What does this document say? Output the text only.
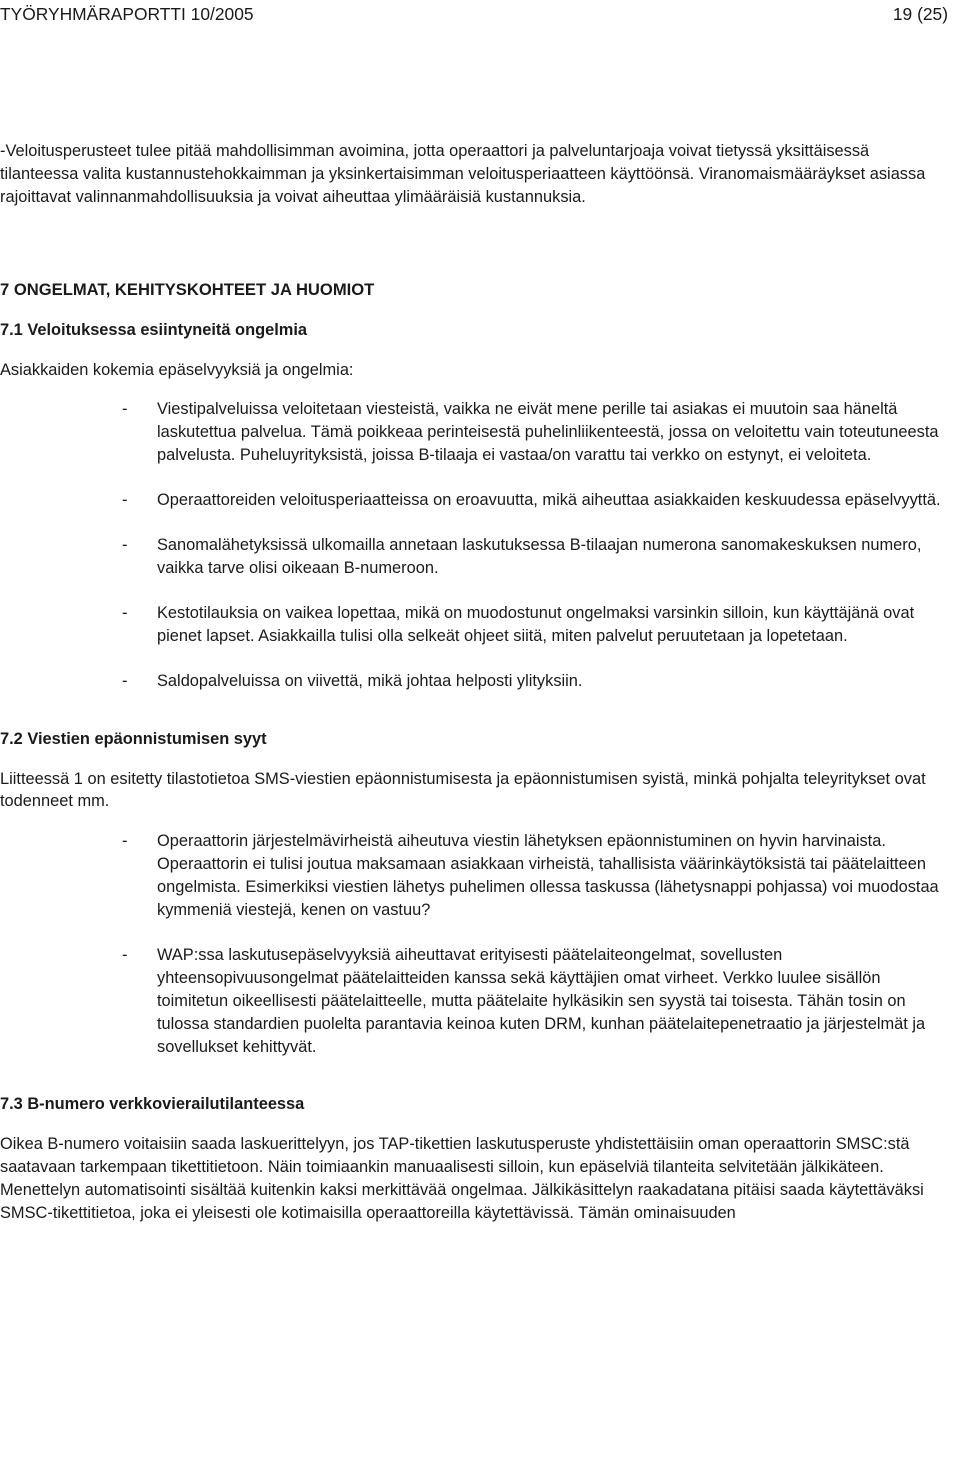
TYÖRYHMÄRAPORTTI 10/2005	19 (25)

-Veloitusperusteet tulee pitää mahdollisimman avoimina, jotta operaattori ja palveluntarjoaja voivat tietyssä yksittäisessä tilanteessa valita kustannustehokkaimman ja yksinkertaisimman veloitusperiaatteen käyttöönsä. Viranomaismääräykset asiassa rajoittavat valinnanmahdollisuuksia ja voivat aiheuttaa ylimääräisiä kustannuksia.

7 ONGELMAT, KEHITYSKOHTEET JA HUOMIOT
7.1 Veloituksessa esiintyneitä ongelmia

Asiakkaiden kokemia epäselvyyksiä ja ongelmia:

- Viestipalveluissa veloitetaan viesteistä, vaikka ne eivät mene perille tai asiakas ei muutoin saa häneltä laskutettua palvelua. Tämä poikkeaa perinteisestä puhelinliikenteestä, jossa on veloitettu vain toteutuneesta palvelusta. Puheluyrityksistä, joissa B-tilaaja ei vastaa/on varattu tai verkko on estynyt, ei veloiteta.
- Operaattoreiden veloitusperiaatteissa on eroavuutta, mikä aiheuttaa asiakkaiden keskuudessa epäselvyyttä.
- Sanomalähetyksissä ulkomailla annetaan laskutuksessa B-tilaajan numerona sanomakeskuksen numero, vaikka tarve olisi oikeaan B-numeroon.
- Kestotilauksia on vaikea lopettaa, mikä on muodostunut ongelmaksi varsinkin silloin, kun käyttäjänä ovat pienet lapset. Asiakkailla tulisi olla selkeät ohjeet siitä, miten palvelut peruutetaan ja lopetetaan.
- Saldopalveluissa on viivettä, mikä johtaa helposti ylityksiin.
7.2 Viestien epäonnistumisen syyt

Liitteessä 1 on esitetty tilastotietoa SMS-viestien epäonnistumisesta ja epäonnistumisen syistä, minkä pohjalta teleyritykset ovat todenneet mm.

- Operaattorin järjestelmävirheistä aiheutuva viestin lähetyksen epäonnistuminen on hyvin harvinaista. Operaattorin ei tulisi joutua maksamaan asiakkaan virheistä, tahallisista väärinkäytöksistä tai päätelaitteen ongelmista. Esimerkiksi viestien lähetys puhelimen ollessa taskussa (lähetysnappi pohjassa) voi muodostaa kymmeniä viestejä, kenen on vastuu?
- WAP:ssa laskutusepäselvyyksiä aiheuttavat erityisesti päätelaiteongelmat, sovellusten yhteensopivuusongelmat päätelaitteiden kanssa sekä käyttäjien omat virheet. Verkko luulee sisällön toimitetun oikeellisesti päätelaitteelle, mutta päätelaite hylkäsikin sen syystä tai toisesta. Tähän tosin on tulossa standardien puolelta parantavia keinoa kuten DRM, kunhan päätelaitepenetraatio ja järjestelmät ja sovellukset kehittyvät.
7.3 B-numero verkkovierailutilanteessa

Oikea B-numero voitaisiin saada laskuerittelyyn, jos TAP-tikettien laskutusperuste yhdistettäisiin oman operaattorin SMSC:stä saatavaan tarkempaan tikettitietoon. Näin toimiaankin manuaalisesti silloin, kun epäselviä tilanteita selvitetään jälkikäteen. Menettelyn automatisointi sisältää kuitenkin kaksi merkittävää ongelmaa. Jälkikäsittelyn raakadatana pitäisi saada käytettäväksi SMSC-tikettitietoa, joka ei yleisesti ole kotimaisilla operaattoreilla käytettävissä. Tämän ominaisuuden
